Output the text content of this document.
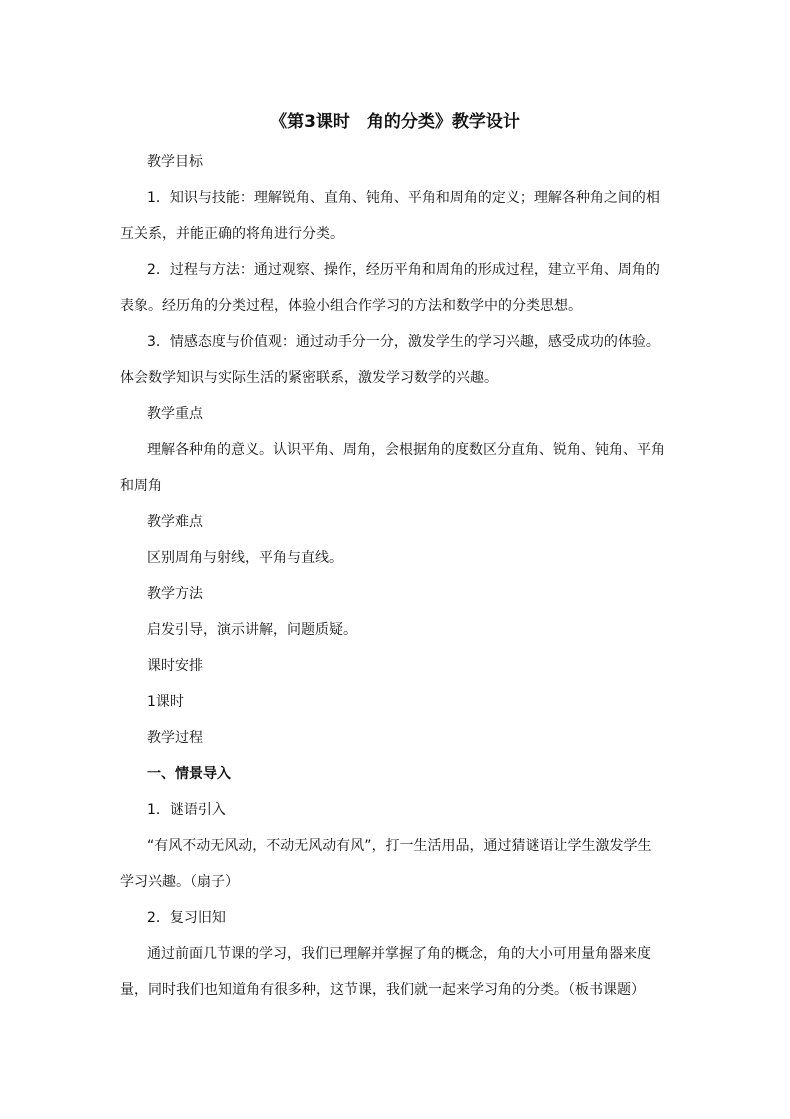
《第3课时　角的分类》教学设计
教学目标
1．知识与技能：理解锐角、直角、钝角、平角和周角的定义；理解各种角之间的相
互关系，并能正确的将角进行分类。
2．过程与方法：通过观察、操作，经历平角和周角的形成过程，建立平角、周角的
表象。经历角的分类过程，体验小组合作学习的方法和数学中的分类思想。
3．情感态度与价值观：通过动手分一分，激发学生的学习兴趣，感受成功的体验。
体会数学知识与实际生活的紧密联系，激发学习数学的兴趣。
教学重点
理解各种角的意义。认识平角、周角，会根据角的度数区分直角、锐角、钝角、平角
和周角
教学难点
区别周角与射线，平角与直线。
教学方法
启发引导，演示讲解，问题质疑。
课时安排
1课时
教学过程
一、情景导入
1．谜语引入
“有风不动无风动，不动无风动有风”，打一生活用品，通过猜谜语让学生激发学生
学习兴趣。（扇子）
2．复习旧知
通过前面几节课的学习，我们已理解并掌握了角的概念，角的大小可用量角器来度
量，同时我们也知道角有很多种，这节课，我们就一起来学习角的分类。（板书课题）
